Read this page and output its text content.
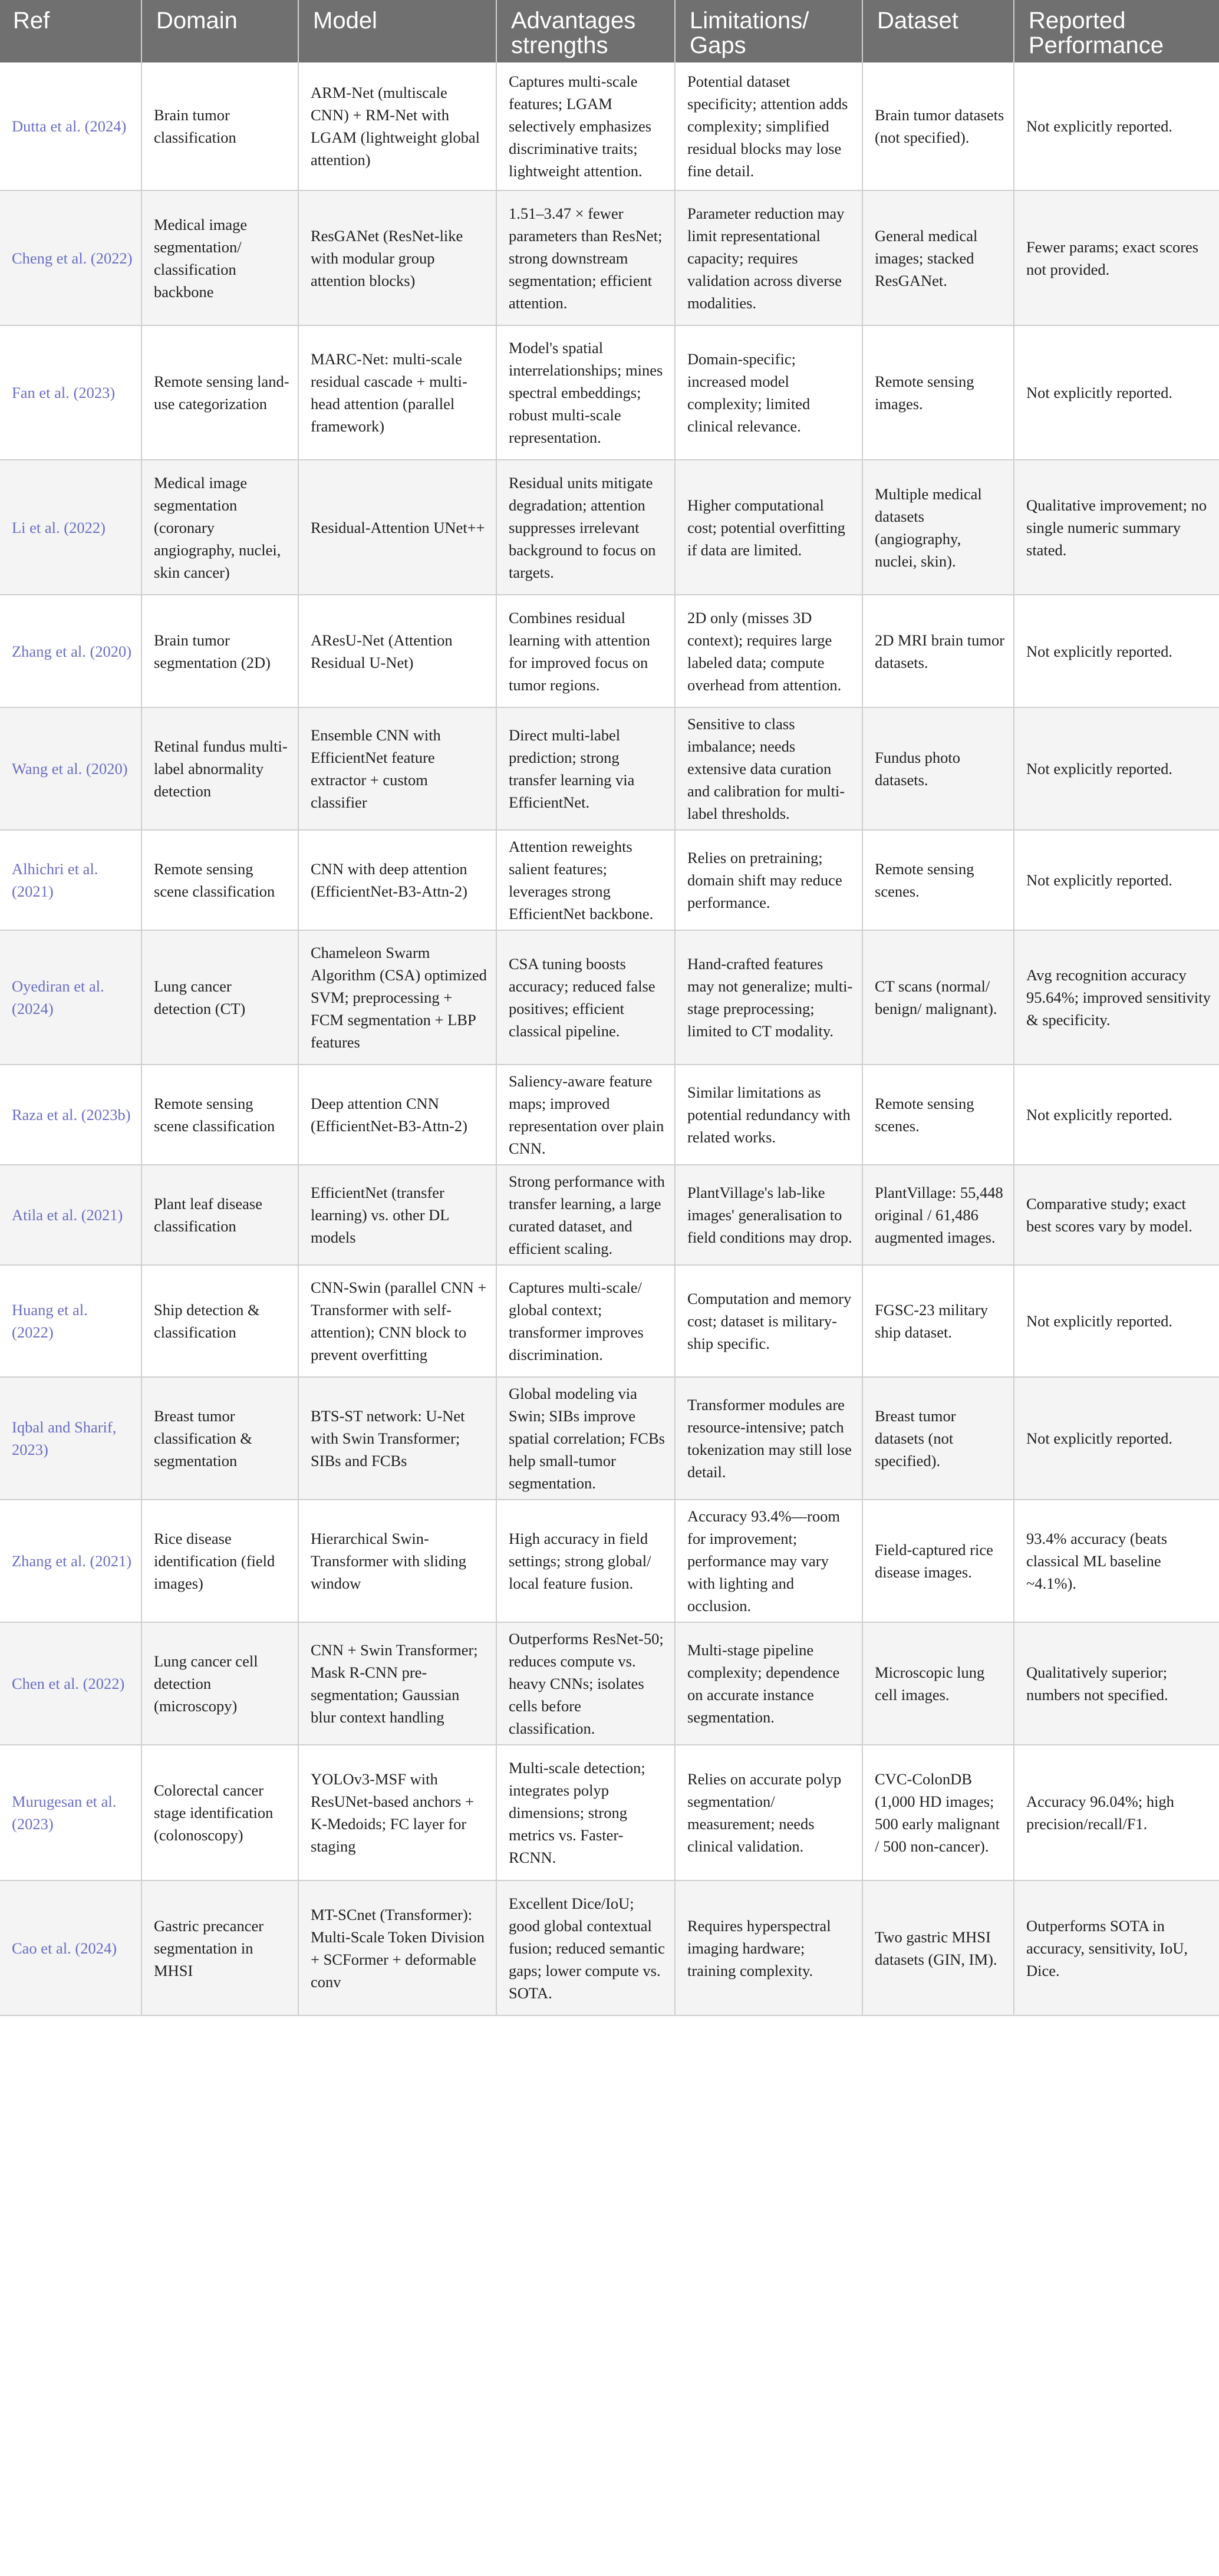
Ref	Domain	Model	Advantages strengths	Limitations/ Gaps	Dataset	Reported Performance
Dutta et al. (2024)	Brain tumor classification	ARM-Net (multiscale CNN) + RM-Net with LGAM (lightweight global attention)	Captures multi-scale features; LGAM selectively emphasizes discriminative traits; lightweight attention.	Potential dataset specificity; attention adds complexity; simplified residual blocks may lose fine detail.	Brain tumor datasets (not specified).	Not explicitly reported.
Cheng et al. (2022)	Medical image segmentation/ classification backbone	ResGANet (ResNet-like with modular group attention blocks)	1.51–3.47 × fewer parameters than ResNet; strong downstream segmentation; efficient attention.	Parameter reduction may limit representational capacity; requires validation across diverse modalities.	General medical images; stacked ResGANet.	Fewer params; exact scores not provided.
Fan et al. (2023)	Remote sensing land-use categorization	MARC-Net: multi-scale residual cascade + multi-head attention (parallel framework)	Model's spatial interrelationships; mines spectral embeddings; robust multi-scale representation.	Domain-specific; increased model complexity; limited clinical relevance.	Remote sensing images.	Not explicitly reported.
Li et al. (2022)	Medical image segmentation (coronary angiography, nuclei, skin cancer)	Residual-Attention UNet++	Residual units mitigate degradation; attention suppresses irrelevant background to focus on targets.	Higher computational cost; potential overfitting if data are limited.	Multiple medical datasets (angiography, nuclei, skin).	Qualitative improvement; no single numeric summary stated.
Zhang et al. (2020)	Brain tumor segmentation (2D)	AResU-Net (Attention Residual U-Net)	Combines residual learning with attention for improved focus on tumor regions.	2D only (misses 3D context); requires large labeled data; compute overhead from attention.	2D MRI brain tumor datasets.	Not explicitly reported.
Wang et al. (2020)	Retinal fundus multi-label abnormality detection	Ensemble CNN with EfficientNet feature extractor + custom classifier	Direct multi-label prediction; strong transfer learning via EfficientNet.	Sensitive to class imbalance; needs extensive data curation and calibration for multi-label thresholds.	Fundus photo datasets.	Not explicitly reported.
Alhichri et al. (2021)	Remote sensing scene classification	CNN with deep attention (EfficientNet-B3-Attn-2)	Attention reweights salient features; leverages strong EfficientNet backbone.	Relies on pretraining; domain shift may reduce performance.	Remote sensing scenes.	Not explicitly reported.
Oyediran et al. (2024)	Lung cancer detection (CT)	Chameleon Swarm Algorithm (CSA) optimized SVM; preprocessing + FCM segmentation + LBP features	CSA tuning boosts accuracy; reduced false positives; efficient classical pipeline.	Hand-crafted features may not generalize; multi-stage preprocessing; limited to CT modality.	CT scans (normal/ benign/ malignant).	Avg recognition accuracy 95.64%; improved sensitivity & specificity.
Raza et al. (2023b)	Remote sensing scene classification	Deep attention CNN (EfficientNet-B3-Attn-2)	Saliency-aware feature maps; improved representation over plain CNN.	Similar limitations as potential redundancy with related works.	Remote sensing scenes.	Not explicitly reported.
Atila et al. (2021)	Plant leaf disease classification	EfficientNet (transfer learning) vs. other DL models	Strong performance with transfer learning, a large curated dataset, and efficient scaling.	PlantVillage's lab-like images' generalisation to field conditions may drop.	PlantVillage: 55,448 original / 61,486 augmented images.	Comparative study; exact best scores vary by model.
Huang et al. (2022)	Ship detection & classification	CNN-Swin (parallel CNN + Transformer with self-attention); CNN block to prevent overfitting	Captures multi-scale/ global context; transformer improves discrimination.	Computation and memory cost; dataset is military-ship specific.	FGSC-23 military ship dataset.	Not explicitly reported.
Iqbal and Sharif, 2023)	Breast tumor classification & segmentation	BTS-ST network: U-Net with Swin Transformer; SIBs and FCBs	Global modeling via Swin; SIBs improve spatial correlation; FCBs help small-tumor segmentation.	Transformer modules are resource-intensive; patch tokenization may still lose detail.	Breast tumor datasets (not specified).	Not explicitly reported.
Zhang et al. (2021)	Rice disease identification (field images)	Hierarchical Swin-Transformer with sliding window	High accuracy in field settings; strong global/ local feature fusion.	Accuracy 93.4%—room for improvement; performance may vary with lighting and occlusion.	Field-captured rice disease images.	93.4% accuracy (beats classical ML baseline ~4.1%).
Chen et al. (2022)	Lung cancer cell detection (microscopy)	CNN + Swin Transformer; Mask R-CNN pre-segmentation; Gaussian blur context handling	Outperforms ResNet-50; reduces compute vs. heavy CNNs; isolates cells before classification.	Multi-stage pipeline complexity; dependence on accurate instance segmentation.	Microscopic lung cell images.	Qualitatively superior; numbers not specified.
Murugesan et al. (2023)	Colorectal cancer stage identification (colonoscopy)	YOLOv3-MSF with ResUNet-based anchors + K-Medoids; FC layer for staging	Multi-scale detection; integrates polyp dimensions; strong metrics vs. Faster-RCNN.	Relies on accurate polyp segmentation/ measurement; needs clinical validation.	CVC-ColonDB (1,000 HD images; 500 early malignant / 500 non-cancer).	Accuracy 96.04%; high precision/recall/F1.
Cao et al. (2024)	Gastric precancer segmentation in MHSI	MT-SCnet (Transformer): Multi-Scale Token Division + SCFormer + deformable conv	Excellent Dice/IoU; good global contextual fusion; reduced semantic gaps; lower compute vs. SOTA.	Requires hyperspectral imaging hardware; training complexity.	Two gastric MHSI datasets (GIN, IM).	Outperforms SOTA in accuracy, sensitivity, IoU, Dice.
